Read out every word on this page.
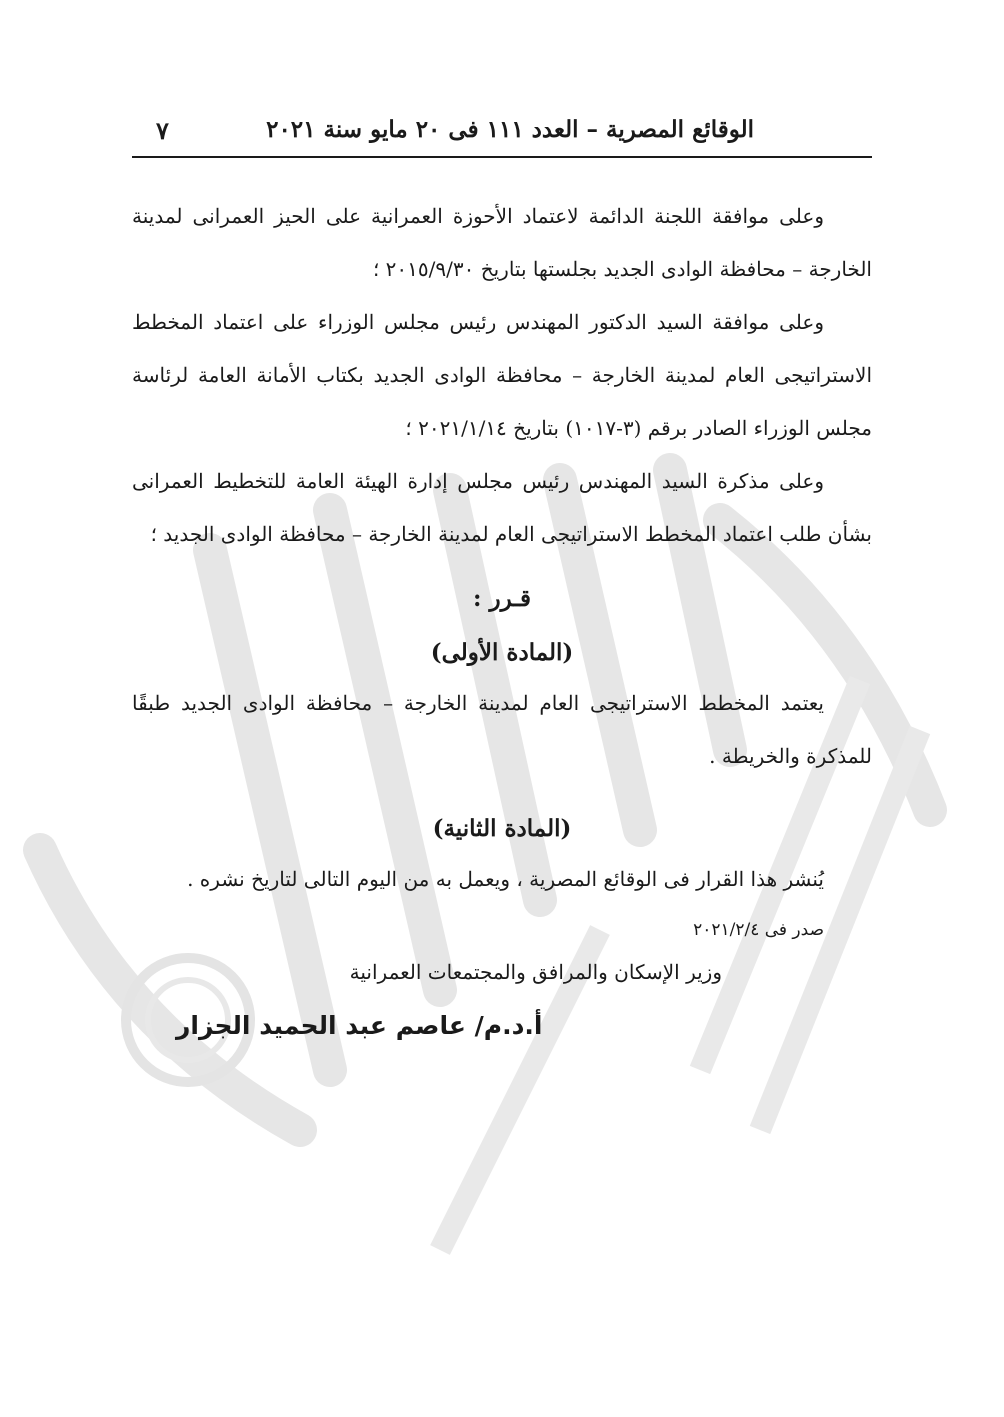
الوقائع المصرية – العدد ١١١ فى ٢٠ مايو سنة ٢٠٢١
٧

وعلى موافقة اللجنة الدائمة لاعتماد الأحوزة العمرانية على الحيز العمرانى لمدينة الخارجة – محافظة الوادى الجديد بجلستها بتاريخ ٢٠١٥/٩/٣٠ ؛

وعلى موافقة السيد الدكتور المهندس رئيس مجلس الوزراء على اعتماد المخطط الاستراتيجى العام لمدينة الخارجة – محافظة الوادى الجديد بكتاب الأمانة العامة لرئاسة مجلس الوزراء الصادر برقم (٣-١٠١٧) بتاريخ ٢٠٢١/١/١٤ ؛

وعلى مذكرة السيد المهندس رئيس مجلس إدارة الهيئة العامة للتخطيط العمرانى بشأن طلب اعتماد المخطط الاستراتيجى العام لمدينة الخارجة – محافظة الوادى الجديد ؛

قـرر :

(المادة الأولى)

يعتمد المخطط الاستراتيجى العام لمدينة الخارجة – محافظة الوادى الجديد طبقًا للمذكرة والخريطة .

(المادة الثانية)

يُنشر هذا القرار فى الوقائع المصرية ، ويعمل به من اليوم التالى لتاريخ نشره .

صدر فى ٢٠٢١/٢/٤

وزير الإسكان والمرافق والمجتمعات العمرانية

أ.د.م/ عاصم عبد الحميد الجزار
